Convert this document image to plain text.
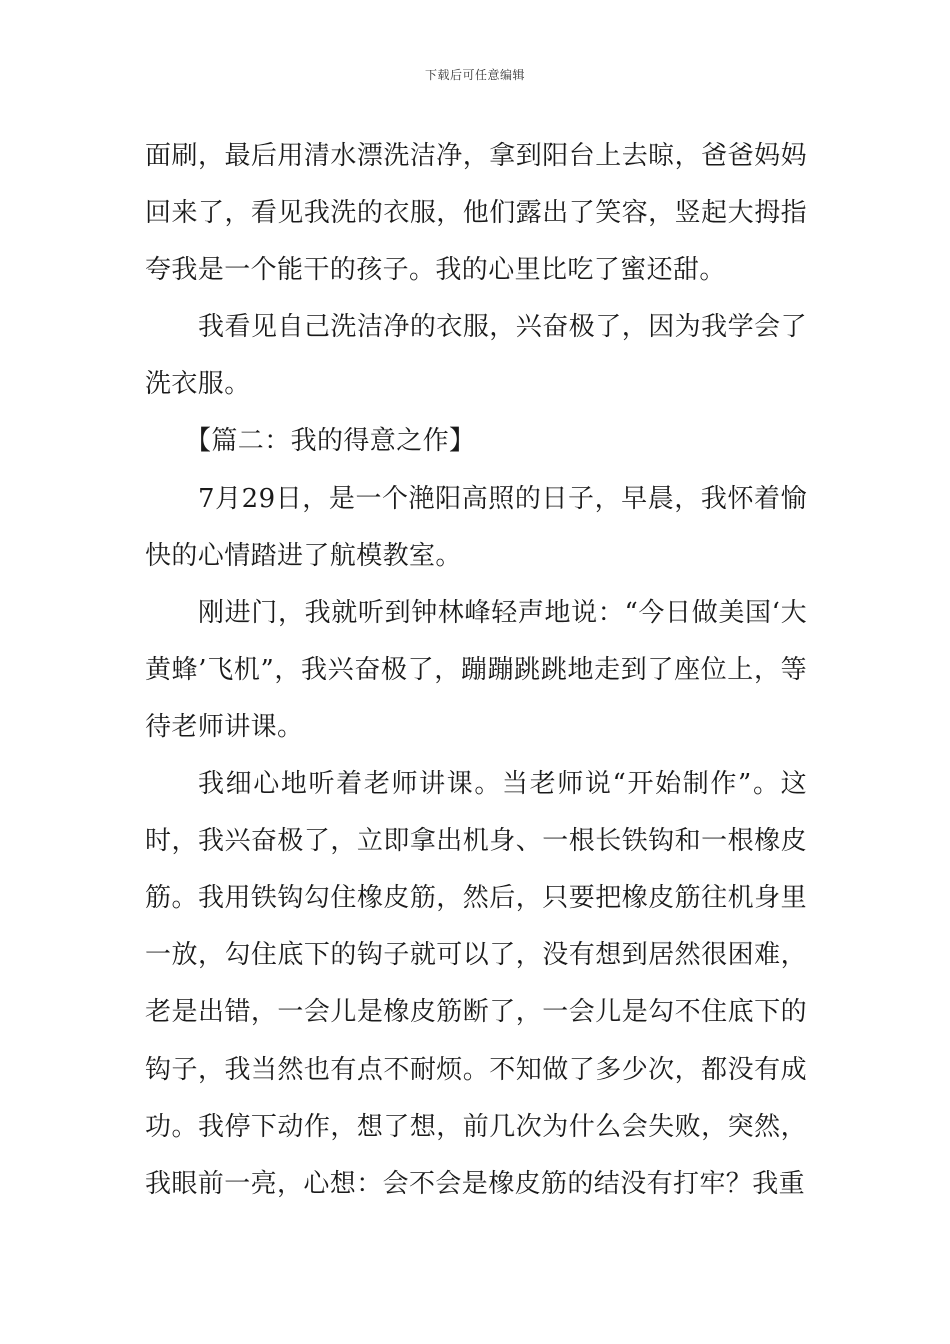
下载后可任意编辑

面刷，最后用清水漂洗洁净，拿到阳台上去晾，爸爸妈妈回来了，看见我洗的衣服，他们露出了笑容，竖起大拇指夸我是一个能干的孩子。我的心里比吃了蜜还甜。

我看见自己洗洁净的衣服，兴奋极了，因为我学会了洗衣服。

【篇二：我的得意之作】

7月29日，是一个滟阳高照的日子，早晨，我怀着愉快的心情踏进了航模教室。

刚进门，我就听到钟林峰轻声地说：“今日做美国‘大黄蜂’飞机”，我兴奋极了，蹦蹦跳跳地走到了座位上，等待老师讲课。

我细心地听着老师讲课。当老师说“开始制作”。这时，我兴奋极了，立即拿出机身、一根长铁钩和一根橡皮筋。我用铁钩勾住橡皮筋，然后，只要把橡皮筋往机身里一放，勾住底下的钩子就可以了，没有想到居然很困难，老是出错，一会儿是橡皮筋断了，一会儿是勾不住底下的钩子，我当然也有点不耐烦。不知做了多少次，都没有成功。我停下动作，想了想，前几次为什么会失败，突然，我眼前一亮，心想：会不会是橡皮筋的结没有打牢？我重
